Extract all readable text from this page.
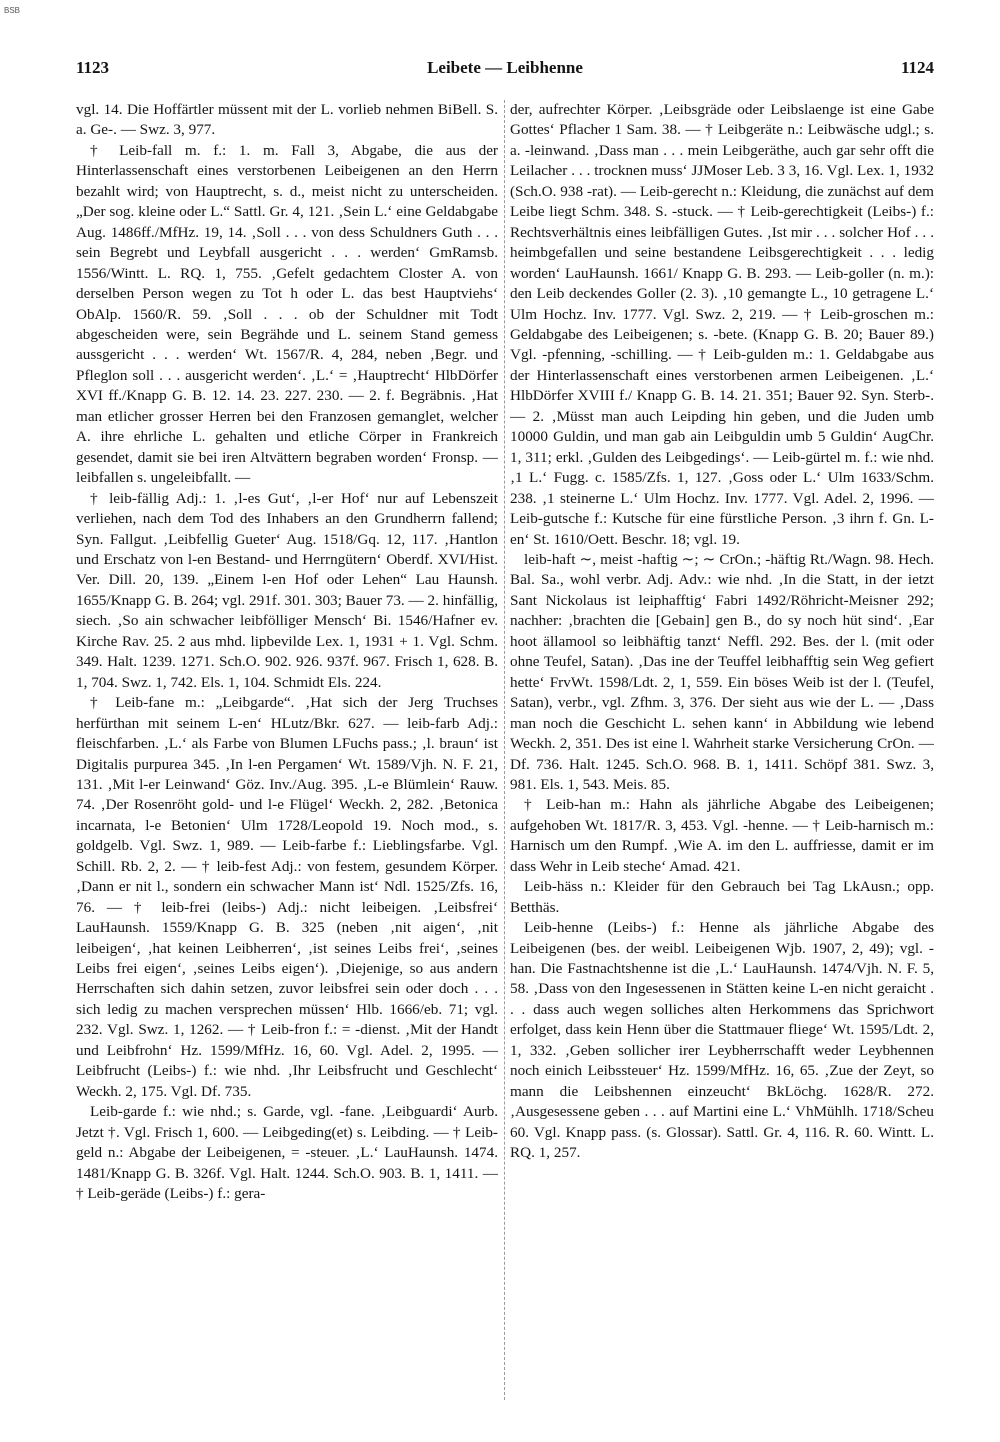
BSB
1123	Leibete — Leibhenne	1124

vgl. 14. Die Hoffärtler müssent mit der L. vorlieb nehmen BiBell. S. a. Ge-. — Swz. 3, 977.

† Leib-fall m. f.: 1. m. Fall 3, Abgabe, die aus der Hinterlassenschaft eines verstorbenen Leibeigenen an den Herrn bezahlt wird; von Hauptrecht, s. d., meist nicht zu unterscheiden. „Der sog. kleine oder L.“ Sattl. Gr. 4, 121. ‚Sein L.‘ eine Geldabgabe Aug. 1486ff./MfHz. 19, 14. ‚Soll . . . von dess Schuldners Guth . . . sein Begrebt und Leybfall ausgericht . . . werden‘ GmRamsb. 1556/Wintt. L. RQ. 1, 755. ‚Gefelt gedachtem Closter A. von derselben Person wegen zu Tot h oder L. das best Hauptviehs‘ ObAlp. 1560/R. 59. ‚Soll . . . ob der Schuldner mit Todt abgescheiden were, sein Begrähde und L. seinem Stand gemess aussgericht . . . werden‘ Wt. 1567/R. 4, 284, neben ‚Begr. und Pfleglon soll . . . ausgericht werden‘. ‚L.‘ = ‚Hauptrecht‘ HlbDörfer XVI ff./Knapp G. B. 12. 14. 23. 227. 230. — 2. f. Begräbnis. ‚Hat man etlicher grosser Herren bei den Franzosen gemanglet, welcher A. ihre ehrliche L. gehalten und etliche Cörper in Frankreich gesendet, damit sie bei iren Altvättern begraben worden‘ Fronsp. — leibfallen s. ungeleibfallt. —

† leib-fällig Adj.: 1. ‚l-es Gut‘, ‚l-er Hof‘ nur auf Lebenszeit verliehen, nach dem Tod des Inhabers an den Grundherrn fallend; Syn. Fallgut. ‚Leibfellig Gueter‘ Aug. 1518/Gq. 12, 117. ‚Hantlon und Erschatz von l-en Bestand- und Herrngütern‘ Oberdf. XVI/Hist. Ver. Dill. 20, 139. „Einem l-en Hof oder Lehen“ Lau Haunsh. 1655/Knapp G. B. 264; vgl. 291f. 301. 303; Bauer 73. — 2. hinfällig, siech. ‚So ain schwacher leibfölliger Mensch‘ Bi. 1546/Hafner ev. Kirche Rav. 25. 2 aus mhd. lipbevilde Lex. 1, 1931 + 1. Vgl. Schm. 349. Halt. 1239. 1271. Sch.O. 902. 926. 937f. 967. Frisch 1, 628. B. 1, 704. Swz. 1, 742. Els. 1, 104. Schmidt Els. 224.

† Leib-fane m.: „Leibgarde“. ‚Hat sich der Jerg Truchses herfürthan mit seinem L-en‘ HLutz/Bkr. 627. — leib-farb Adj.: fleischfarben. ‚L.‘ als Farbe von Blumen LFuchs pass.; ‚l. braun‘ ist Digitalis purpurea 345. ‚In l-en Pergamen‘ Wt. 1589/Vjh. N. F. 21, 131. ‚Mit l-er Leinwand‘ Göz. Inv./Aug. 395. ‚L-e Blümlein‘ Rauw. 74. ‚Der Rosenröht gold- und l-e Flügel‘ Weckh. 2, 282. ‚Betonica incarnata, l-e Betonien‘ Ulm 1728/Leopold 19. Noch mod., s. goldgelb. Vgl. Swz. 1, 989. — Leib-farbe f.: Lieblingsfarbe. Vgl. Schill. Rb. 2, 2. — † leib-fest Adj.: von festem, gesundem Körper. ‚Dann er nit l., sondern ein schwacher Mann ist‘ Ndl. 1525/Zfs. 16, 76. — † leib-frei (leibs-) Adj.: nicht leibeigen. ‚Leibsfrei‘ LauHaunsh. 1559/Knapp G. B. 325 (neben ‚nit aigen‘, ‚nit leibeigen‘, ‚hat keinen Leibherren‘, ‚ist seines Leibs frei‘, ‚seines Leibs frei eigen‘, ‚seines Leibs eigen‘). ‚Diejenige, so aus andern Herrschaften sich dahin setzen, zuvor leibsfrei sein oder doch . . . sich ledig zu machen versprechen müssen‘ Hlb. 1666/eb. 71; vgl. 232. Vgl. Swz. 1, 1262. — † Leib-fron f.: = -dienst. ‚Mit der Handt und Leibfrohn‘ Hz. 1599/MfHz. 16, 60. Vgl. Adel. 2, 1995. — Leibfrucht (Leibs-) f.: wie nhd. ‚Ihr Leibsfrucht und Geschlecht‘ Weckh. 2, 175. Vgl. Df. 735.

Leib-garde f.: wie nhd.; s. Garde, vgl. -fane. ‚Leibguardi‘ Aurb. Jetzt †. Vgl. Frisch 1, 600. — Leibgeding(et) s. Leibding. — † Leib-geld n.: Abgabe der Leibeigenen, = -steuer. ‚L.‘ LauHaunsh. 1474. 1481/Knapp G. B. 326f. Vgl. Halt. 1244. Sch.O. 903. B. 1, 1411. — † Leib-geräde (Leibs-) f.: gera-

der, aufrechter Körper. ‚Leibsgräde oder Leibslaenge ist eine Gabe Gottes‘ Pflacher 1 Sam. 38. — † Leibgeräte n.: Leibwäsche udgl.; s. a. -leinwand. ‚Dass man . . . mein Leibgeräthe, auch gar sehr offt die Leilacher . . . trocknen muss‘ JJMoser Leb. 3 3, 16. Vgl. Lex. 1, 1932 (Sch.O. 938 -rat). — Leib-gerecht n.: Kleidung, die zunächst auf dem Leibe liegt Schm. 348. S. -stuck. — † Leib-gerechtigkeit (Leibs-) f.: Rechtsverhältnis eines leibfälligen Gutes. ‚Ist mir . . . solcher Hof . . . heimbgefallen und seine bestandene Leibsgerechtigkeit . . . ledig worden‘ LauHaunsh. 1661/ Knapp G. B. 293. — Leib-goller (n. m.): den Leib deckendes Goller (2. 3). ‚10 gemangte L., 10 getragene L.‘ Ulm Hochz. Inv. 1777. Vgl. Swz. 2, 219. — † Leib-groschen m.: Geldabgabe des Leibeigenen; s. -bete. (Knapp G. B. 20; Bauer 89.) Vgl. -pfenning, -schilling. — † Leib-gulden m.: 1. Geldabgabe aus der Hinterlassenschaft eines verstorbenen armen Leibeigenen. ‚L.‘ HlbDörfer XVIII f./ Knapp G. B. 14. 21. 351; Bauer 92. Syn. Sterb-. — 2. ‚Müsst man auch Leipding hin geben, und die Juden umb 10000 Guldin, und man gab ain Leibguldin umb 5 Guldin‘ AugChr. 1, 311; erkl. ‚Gulden des Leibgedings‘. — Leib-gürtel m. f.: wie nhd. ‚1 L.‘ Fugg. c. 1585/Zfs. 1, 127. ‚Goss oder L.‘ Ulm 1633/Schm. 238. ‚1 steinerne L.‘ Ulm Hochz. Inv. 1777. Vgl. Adel. 2, 1996. — Leib-gutsche f.: Kutsche für eine fürstliche Person. ‚3 ihrn f. Gn. L-en‘ St. 1610/Oett. Beschr. 18; vgl. 19.

leib-haft ∼, meist -haftig ∼; ∼ CrOn.; -häftig Rt./Wagn. 98. Hech. Bal. Sa., wohl verbr. Adj. Adv.: wie nhd. ‚In die Statt, in der ietzt Sant Nickolaus ist leiphafftig‘ Fabri 1492/Röhricht-Meisner 292; nachher: ‚brachten die [Gebain] gen B., do sy noch hüt sind‘. ‚Ear hoot ällamool so leibhäftig tanzt‘ Neffl. 292. Bes. der l. (mit oder ohne Teufel, Satan). ‚Das ine der Teuffel leibhafftig sein Weg gefiert hette‘ FrvWt. 1598/Ldt. 2, 1, 559. Ein böses Weib ist der l. (Teufel, Satan), verbr., vgl. Zfhm. 3, 376. Der sieht aus wie der L. — ‚Dass man noch die Geschicht L. sehen kann‘ in Abbildung wie lebend Weckh. 2, 351. Des ist eine l. Wahrheit starke Versicherung CrOn. — Df. 736. Halt. 1245. Sch.O. 968. B. 1, 1411. Schöpf 381. Swz. 3, 981. Els. 1, 543. Meis. 85.

† Leib-han m.: Hahn als jährliche Abgabe des Leibeigenen; aufgehoben Wt. 1817/R. 3, 453. Vgl. -henne. — † Leib-harnisch m.: Harnisch um den Rumpf. ‚Wie A. im den L. auffriesse, damit er im dass Wehr in Leib steche‘ Amad. 421.

Leib-häss n.: Kleider für den Gebrauch bei Tag LkAusn.; opp. Betthäs.

Leib-henne (Leibs-) f.: Henne als jährliche Abgabe des Leibeigenen (bes. der weibl. Leibeigenen Wjb. 1907, 2, 49); vgl. -han. Die Fastnachtshenne ist die ‚L.‘ LauHaunsh. 1474/Vjh. N. F. 5, 58. ‚Dass von den Ingesessenen in Stätten keine L-en nicht geraicht . . . dass auch wegen solliches alten Herkommens das Sprichwort erfolget, dass kein Henn über die Stattmauer fliege‘ Wt. 1595/Ldt. 2, 1, 332. ‚Geben sollicher irer Leybherrschafft weder Leybhennen noch einich Leibssteuer‘ Hz. 1599/MfHz. 16, 65. ‚Zue der Zeyt, so mann die Leibshennen einzeucht‘ BkLöchg. 1628/R. 272. ‚Ausgesessene geben . . . auf Martini eine L.‘ VhMühlh. 1718/Scheu 60. Vgl. Knapp pass. (s. Glossar). Sattl. Gr. 4, 116. R. 60. Wintt. L. RQ. 1, 257.
